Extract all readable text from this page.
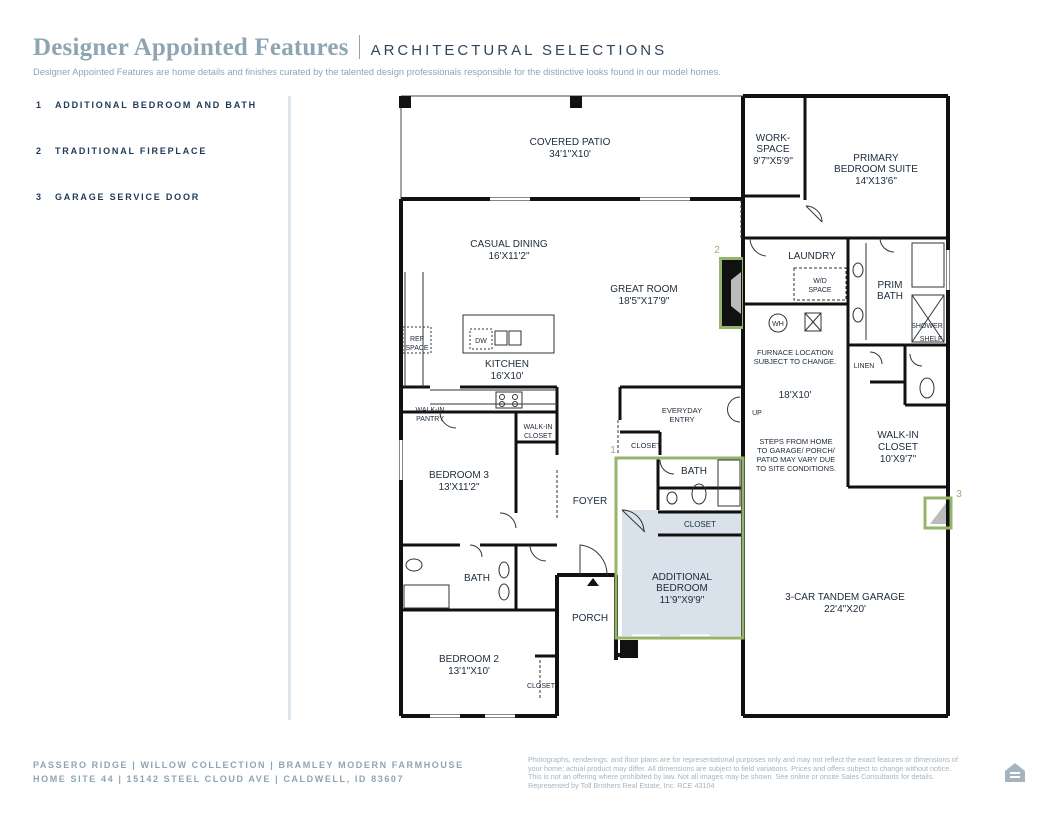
Designer Appointed Features ARCHITECTURAL SELECTIONS
Designer Appointed Features are home details and finishes curated by the talented design professionals responsible for the distinctive looks found in our model homes.
1 ADDITIONAL BEDROOM AND BATH
2 TRADITIONAL FIREPLACE
3 GARAGE SERVICE DOOR
COVERED PATIO
34'1"X10'
WORK-
SPACE
9'7"X5'9"	PRIMARY
BEDROOM SUITE
14'X13'6"
CASUAL DINING
16'X11'2"
GREAT ROOM
18'5"X17'9"
LAUNDRY
W/D
SPACE	PRIM
BATH
SHOWER
SHELF
WH
FURNACE LOCATION
SUBJECT TO CHANGE.
18'X10'
STEPS FROM HOME
TO GARAGE/ PORCH/
PATIO MAY VARY DUE
TO SITE CONDITIONS.
UP
LINEN
WALK-IN
CLOSET
10'X9'7"
REF
SPACE
DW
KITCHEN
16'X10'
WALK-IN
PANTRY
EVERYDAY
ENTRY
CLOSET
WALK-IN
CLOSET
BEDROOM 3
13'X11'2"
FOYER
BATH
CLOSET
ADDITIONAL
BEDROOM
11'9"X9'9"
PORCH
3-CAR TANDEM GARAGE
22'4"X20'
BATH
BEDROOM 2
13'1"X10'
CLOSET
1
2
3
PASSERO RIDGE | WILLOW COLLECTION | BRAMLEY MODERN FARMHOUSE
HOME SITE 44 | 15142 STEEL CLOUD AVE | CALDWELL, ID 83607
Photographs, renderings, and floor plans are for representational purposes only and may not reflect the exact features or dimensions of
your home; actual product may differ. All dimensions are subject to field variations. Prices and offers subject to change without notice.
This is not an offering where prohibited by law. Not all images may be shown. See online or onsite Sales Consultants for details.
Represented by Toll Brothers Real Estate, Inc. RCE 43104
